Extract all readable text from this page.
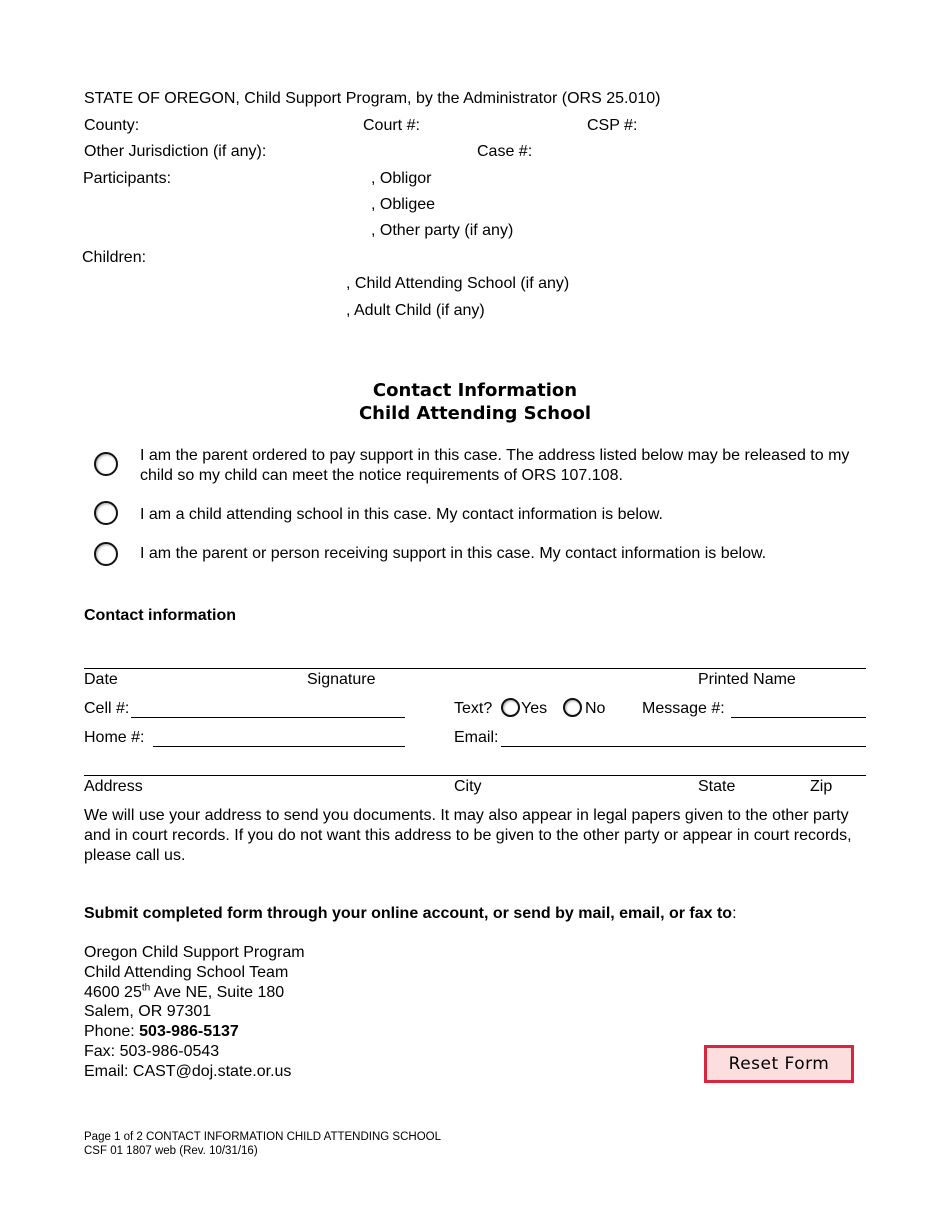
STATE OF OREGON, Child Support Program, by the Administrator (ORS 25.010)
County:	Court #:	CSP #:
Other Jurisdiction (if any):	Case #:
Participants:	, Obligor
, Obligee
, Other party (if any)
Children:
, Child Attending School (if any)
, Adult Child (if any)
Contact Information
Child Attending School
I am the parent ordered to pay support in this case. The address listed below may be released to my child so my child can meet the notice requirements of ORS 107.108.
I am a child attending school in this case. My contact information is below.
I am the parent or person receiving support in this case. My contact information is below.
Contact information
Date	Signature	Printed Name
Cell #:	Text? Yes No Message #:
Home #:	Email:
Address	City	State	Zip
We will use your address to send you documents. It may also appear in legal papers given to the other party and in court records. If you do not want this address to be given to the other party or appear in court records, please call us.
Submit completed form through your online account, or send by mail, email, or fax to:
Oregon Child Support Program
Child Attending School Team
4600 25th Ave NE, Suite 180
Salem, OR 97301
Phone: 503-986-5137
Fax: 503-986-0543
Email: CAST@doj.state.or.us	Reset Form
Page 1 of 2 CONTACT INFORMATION CHILD ATTENDING SCHOOL
CSF 01 1807 web (Rev. 10/31/16)
